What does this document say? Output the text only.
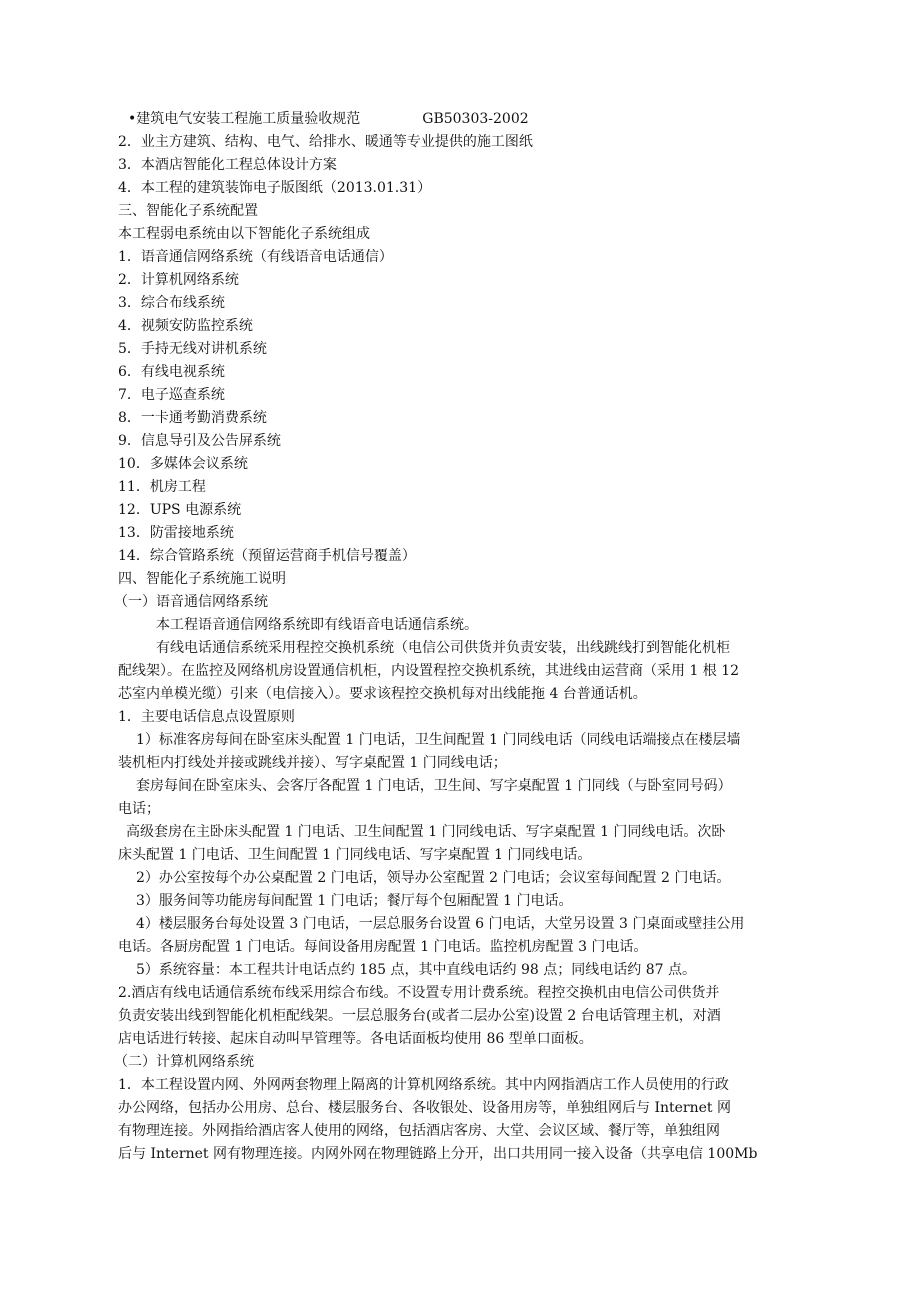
•建筑电气安装工程施工质量验收规范	GB50303-2002
2．业主方建筑、结构、电气、给排水、暖通等专业提供的施工图纸
3．本酒店智能化工程总体设计方案
4．本工程的建筑装饰电子版图纸（2013.01.31）
三、智能化子系统配置
本工程弱电系统由以下智能化子系统组成
1．语音通信网络系统（有线语音电话通信）
2．计算机网络系统
3．综合布线系统
4．视频安防监控系统
5．手持无线对讲机系统
6．有线电视系统
7．电子巡查系统
8．一卡通考勤消费系统
9．信息导引及公告屏系统
10．多媒体会议系统
11．机房工程
12．UPS 电源系统
13．防雷接地系统
14．综合管路系统（预留运营商手机信号覆盖）
四、智能化子系统施工说明
（一）语音通信网络系统
本工程语音通信网络系统即有线语音电话通信系统。
有线电话通信系统采用程控交换机系统（电信公司供货并负责安装，出线跳线打到智能化机柜
配线架）。在监控及网络机房设置通信机柜，内设置程控交换机系统，其进线由运营商（采用 1 根 12
芯室内单模光缆）引来（电信接入）。要求该程控交换机每对出线能拖 4 台普通话机。
1．主要电话信息点设置原则
1）标准客房每间在卧室床头配置 1 门电话，卫生间配置 1 门同线电话（同线电话端接点在楼层墙
装机柜内打线处并接或跳线并接）、写字桌配置 1 门同线电话；
套房每间在卧室床头、会客厅各配置 1 门电话，卫生间、写字桌配置 1 门同线（与卧室同号码）
电话；
高级套房在主卧床头配置 1 门电话、卫生间配置 1 门同线电话、写字桌配置 1 门同线电话。次卧
床头配置 1 门电话、卫生间配置 1 门同线电话、写字桌配置 1 门同线电话。
2）办公室按每个办公桌配置 2 门电话，领导办公室配置 2 门电话；会议室每间配置 2 门电话。
3）服务间等功能房每间配置 1 门电话；餐厅每个包厢配置 1 门电话。
4）楼层服务台每处设置 3 门电话，一层总服务台设置 6 门电话，大堂另设置 3 门桌面或壁挂公用
电话。各厨房配置 1 门电话。每间设备用房配置 1 门电话。监控机房配置 3 门电话。
5）系统容量：本工程共计电话点约 185 点，其中直线电话约 98 点；同线电话约 87 点。
2.酒店有线电话通信系统布线采用综合布线。不设置专用计费系统。程控交换机由电信公司供货并
负责安装出线到智能化机柜配线架。一层总服务台(或者二层办公室)设置 2 台电话管理主机，对酒
店电话进行转接、起床自动叫早管理等。各电话面板均使用 86 型单口面板。
（二）计算机网络系统
1．本工程设置内网、外网两套物理上隔离的计算机网络系统。其中内网指酒店工作人员使用的行政
办公网络，包括办公用房、总台、楼层服务台、各收银处、设备用房等，单独组网后与 Internet 网
有物理连接。外网指给酒店客人使用的网络，包括酒店客房、大堂、会议区域、餐厅等，单独组网
后与 Internet 网有物理连接。内网外网在物理链路上分开，出口共用同一接入设备（共享电信 100Mb
